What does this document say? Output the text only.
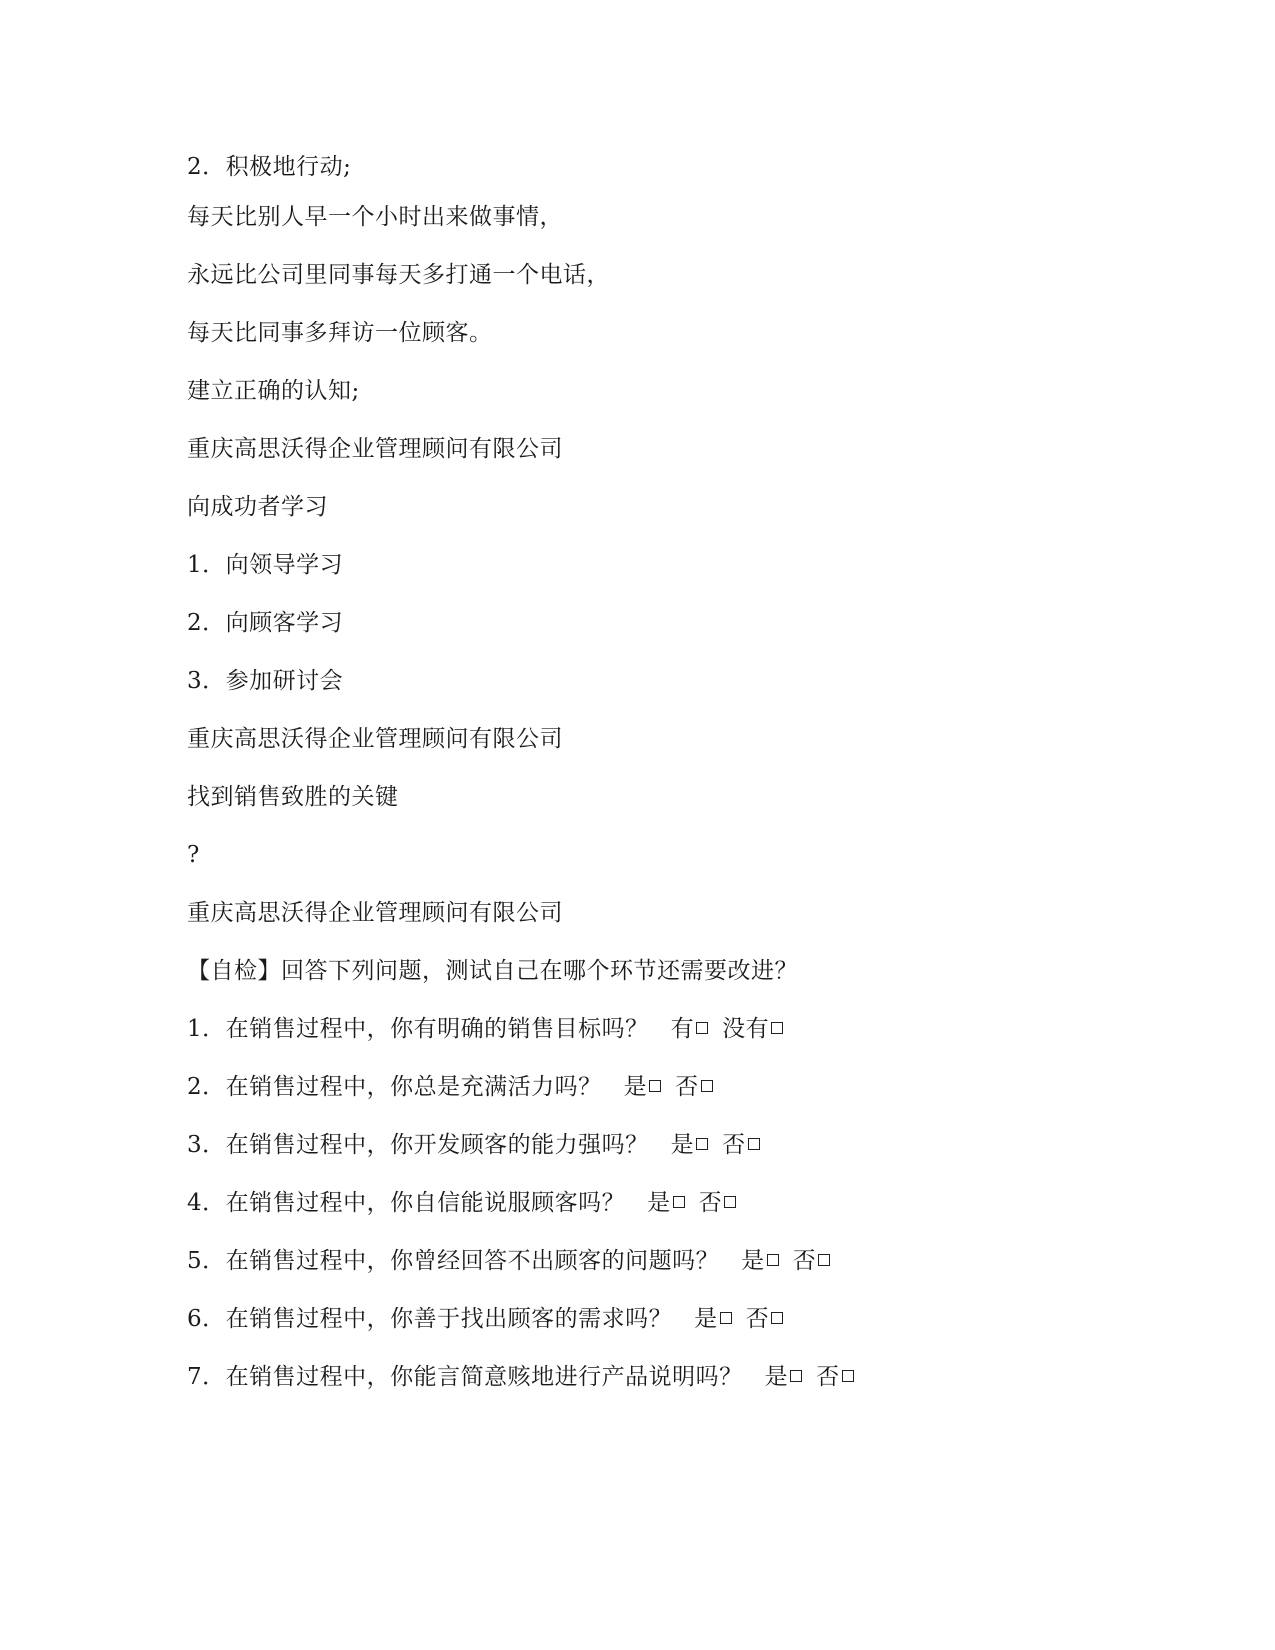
2．积极地行动;
每天比别人早一个小时出来做事情，
永远比公司里同事每天多打通一个电话，
每天比同事多拜访一位顾客。
建立正确的认知;
重庆高思沃得企业管理顾问有限公司
向成功者学习
1．向领导学习
2．向顾客学习
3．参加研讨会
重庆高思沃得企业管理顾问有限公司
找到销售致胜的关键
?
重庆高思沃得企业管理顾问有限公司
【自检】回答下列问题，测试自己在哪个环节还需要改进？
1．在销售过程中，你有明确的销售目标吗？ 有 没有
2．在销售过程中，你总是充满活力吗？ 是 否
3．在销售过程中，你开发顾客的能力强吗？ 是 否
4．在销售过程中，你自信能说服顾客吗？ 是 否
5．在销售过程中，你曾经回答不出顾客的问题吗？ 是 否
6．在销售过程中，你善于找出顾客的需求吗？ 是 否
7．在销售过程中，你能言简意赅地进行产品说明吗？ 是 否
